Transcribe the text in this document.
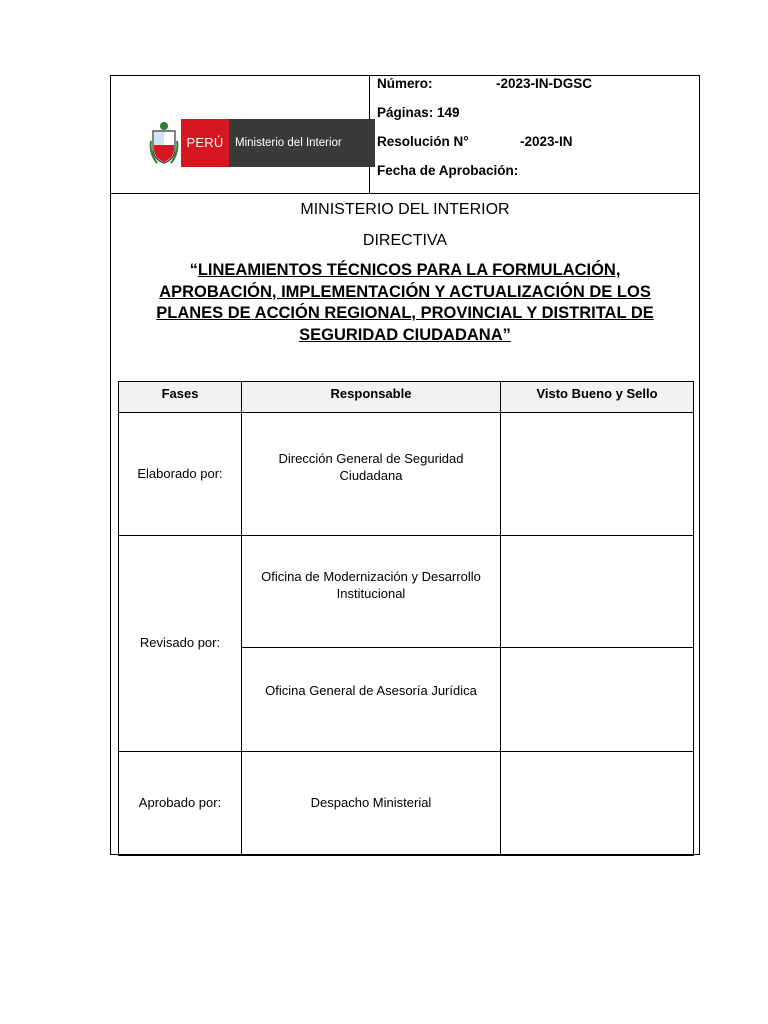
PERÚ	Ministerio del Interior
Número:	-2023-IN-DGSC
Páginas: 149
Resolución N°	-2023-IN
Fecha de Aprobación:
MINISTERIO DEL INTERIOR
DIRECTIVA
“LINEAMIENTOS TÉCNICOS PARA LA FORMULACIÓN,
APROBACIÓN, IMPLEMENTACIÓN Y ACTUALIZACIÓN DE LOS
PLANES DE ACCIÓN REGIONAL, PROVINCIAL Y DISTRITAL DE
SEGURIDAD CIUDADANA”
Fases	Responsable	Visto Bueno y Sello
Elaborado por:	Dirección General de Seguridad Ciudadana	
Revisado por:	Oficina de Modernización y Desarrollo Institucional	
	Oficina General de Asesoría Jurídica	
Aprobado por:	Despacho Ministerial	
